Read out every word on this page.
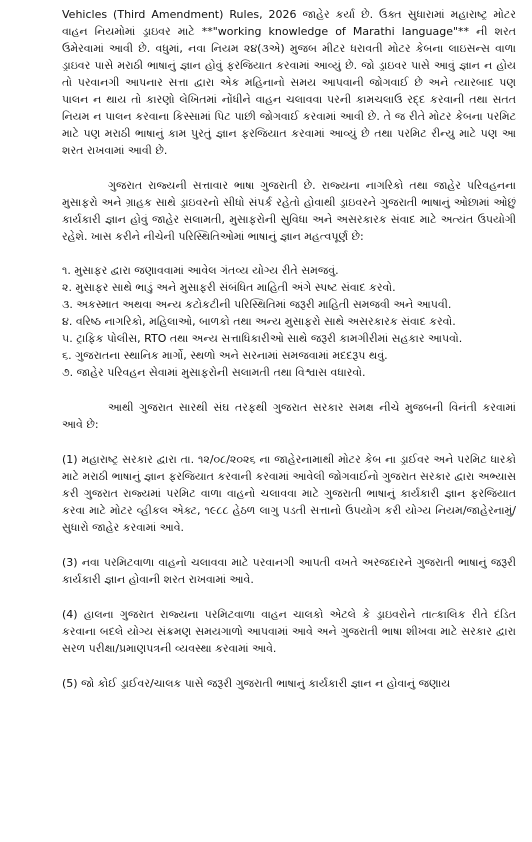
Vehicles (Third Amendment) Rules, 2026 જાહેર કર્યા છે. ઉક્ત સુધારામાં મહારાષ્ટ્ર મોટર વાહન નિયમોમાં ડ્રાઇવર માટે **"working knowledge of Marathi language"** ની શરત ઉમેરવામાં આવી છે. વધુમાં, નવા નિયમ ૨૪(૩એ) મુજબ મીટર ધરાવતી મોટર કેબના લાઇસન્સ વાળા ડ્રાઇવર પાસે મરાઠી ભાષાનું જ્ઞાન હોવું ફરજિયાત કરવામાં આવ્યું છે. જો ડ્રાઇવર પાસે આવું જ્ઞાન ન હોય તો પરવાનગી આપનાર સત્તા દ્વારા એક મહિનાનો સમય આપવાની જોગવાઈ છે અને ત્યારબાદ પણ પાલન ન થાય તો કારણો લેખિતમાં નોંધીને વાહન ચલાવવા પરની કામચલાઉ રદ્દ કરવાની તથા સતત નિયમ ન પાલન કરવાના કિસ્સામાં પિટ પાછી જોગવાઈ કરવામાં આવી છે. તે જ રીતે મોટર કેબના પરમિટ માટે પણ મરાઠી ભાષાનું કામ પુરતું જ્ઞાન ફરજિયાત કરવામાં આવ્યું છે તથા પરમિટ રીન્યુ માટે પણ આ શરત રાખવામાં આવી છે.

ગુજરાત રાજ્યની સત્તાવાર ભાષા ગુજરાતી છે. રાજ્યના નાગરિકો તથા જાહેર પરિવહનના મુસાફરો અને ગ્રાહક સાથે ડ્રાઇવરનો સીધો સંપર્ક રહેતો હોવાથી ડ્રાઇવરને ગુજરાતી ભાષાનું ઓછામાં ઓછું કાર્યકારી જ્ઞાન હોવું જાહેર સલામતી, મુસાફરોની સુવિધા અને અસરકારક સંવાદ માટે અત્યંત ઉપયોગી રહેશે. ખાસ કરીને નીચેની પરિસ્થિતિઓમાં ભાષાનું જ્ઞાન મહત્વપૂર્ણ છે:

૧. મુસાફર દ્વારા જણાવવામાં આવેલ ગંતવ્ય યોગ્ય રીતે સમજવું.
૨. મુસાફર સાથે ભાડું અને મુસાફરી સંબંધિત માહિતી અંગે સ્પષ્ટ સંવાદ કરવો.
૩. અકસ્માત અથવા અન્ય કટોકટીની પરિસ્થિતિમાં જરૂરી માહિતી સમજવી અને આપવી.
૪. વરિષ્ઠ નાગરિકો, મહિલાઓ, બાળકો તથા અન્ય મુસાફરો સાથે અસરકારક સંવાદ કરવો.
૫. ટ્રાફિક પોલીસ, RTO તથા અન્ય સત્તાધિકારીઓ સાથે જરૂરી કામગીરીમાં સહકાર આપવો.
૬. ગુજરાતના સ્થાનિક માર્ગો, સ્થળો અને સરનામાં સમજવામાં મદદરૂપ થવું.
૭. જાહેર પરિવહન સેવામાં મુસાફરોની સલામતી તથા વિશ્વાસ વધારવો.

આથી ગુજરાત સારથી સંઘ તરફથી ગુજરાત સરકાર સમક્ષ નીચે મુજબની વિનંતી કરવામાં આવે છે:

(1) મહારાષ્ટ્ર સરકાર દ્વારા તા. ૧૨/૦૮/૨૦૨૬ ના જાહેરનામાથી મોટર કેબ ના ડ્રાઈવર અને પરમિટ ધારકો માટે મરાઠી ભાષાનું જ્ઞાન ફરજિયાત કરવાની કરવામાં આવેલી જોગવાઈનો ગુજરાત સરકાર દ્વારા અભ્યાસ કરી ગુજરાત રાજ્યમાં પરમિટ વાળા વાહનો ચલાવવા માટે ગુજરાતી ભાષાનું કાર્યકારી જ્ઞાન ફરજિયાત કરવા માટે મોટર વ્હીકલ એક્ટ, ૧૯૮૮ હેઠળ લાગુ પડતી સત્તાનો ઉપયોગ કરી યોગ્ય નિયમ/જાહેરનામું/સુધારો જાહેર કરવામાં આવે.

(3) નવા પરમિટવાળા વાહનો ચલાવવા માટે પરવાનગી આપતી વખતે અરજદારને ગુજરાતી ભાષાનું જરૂરી કાર્યકારી જ્ઞાન હોવાની શરત રાખવામાં આવે.

(4) હાલના ગુજરાત રાજ્યના પરમિટવાળા વાહન ચાલકો એટલે કે ડ્રાઇવરોને તાત્કાલિક રીતે દંડિત કરવાના બદલે યોગ્ય સંક્રમણ સમયગાળો આપવામાં આવે અને ગુજરાતી ભાષા શીખવા માટે સરકાર દ્વારા સરળ પરીક્ષા/પ્રમાણપત્રની વ્યવસ્થા કરવામાં આવે.

(5) જો કોઈ ડ્રાઈવર/ચાલક પાસે જરૂરી ગુજરાતી ભાષાનું કાર્યકારી જ્ઞાન ન હોવાનું જણાય
